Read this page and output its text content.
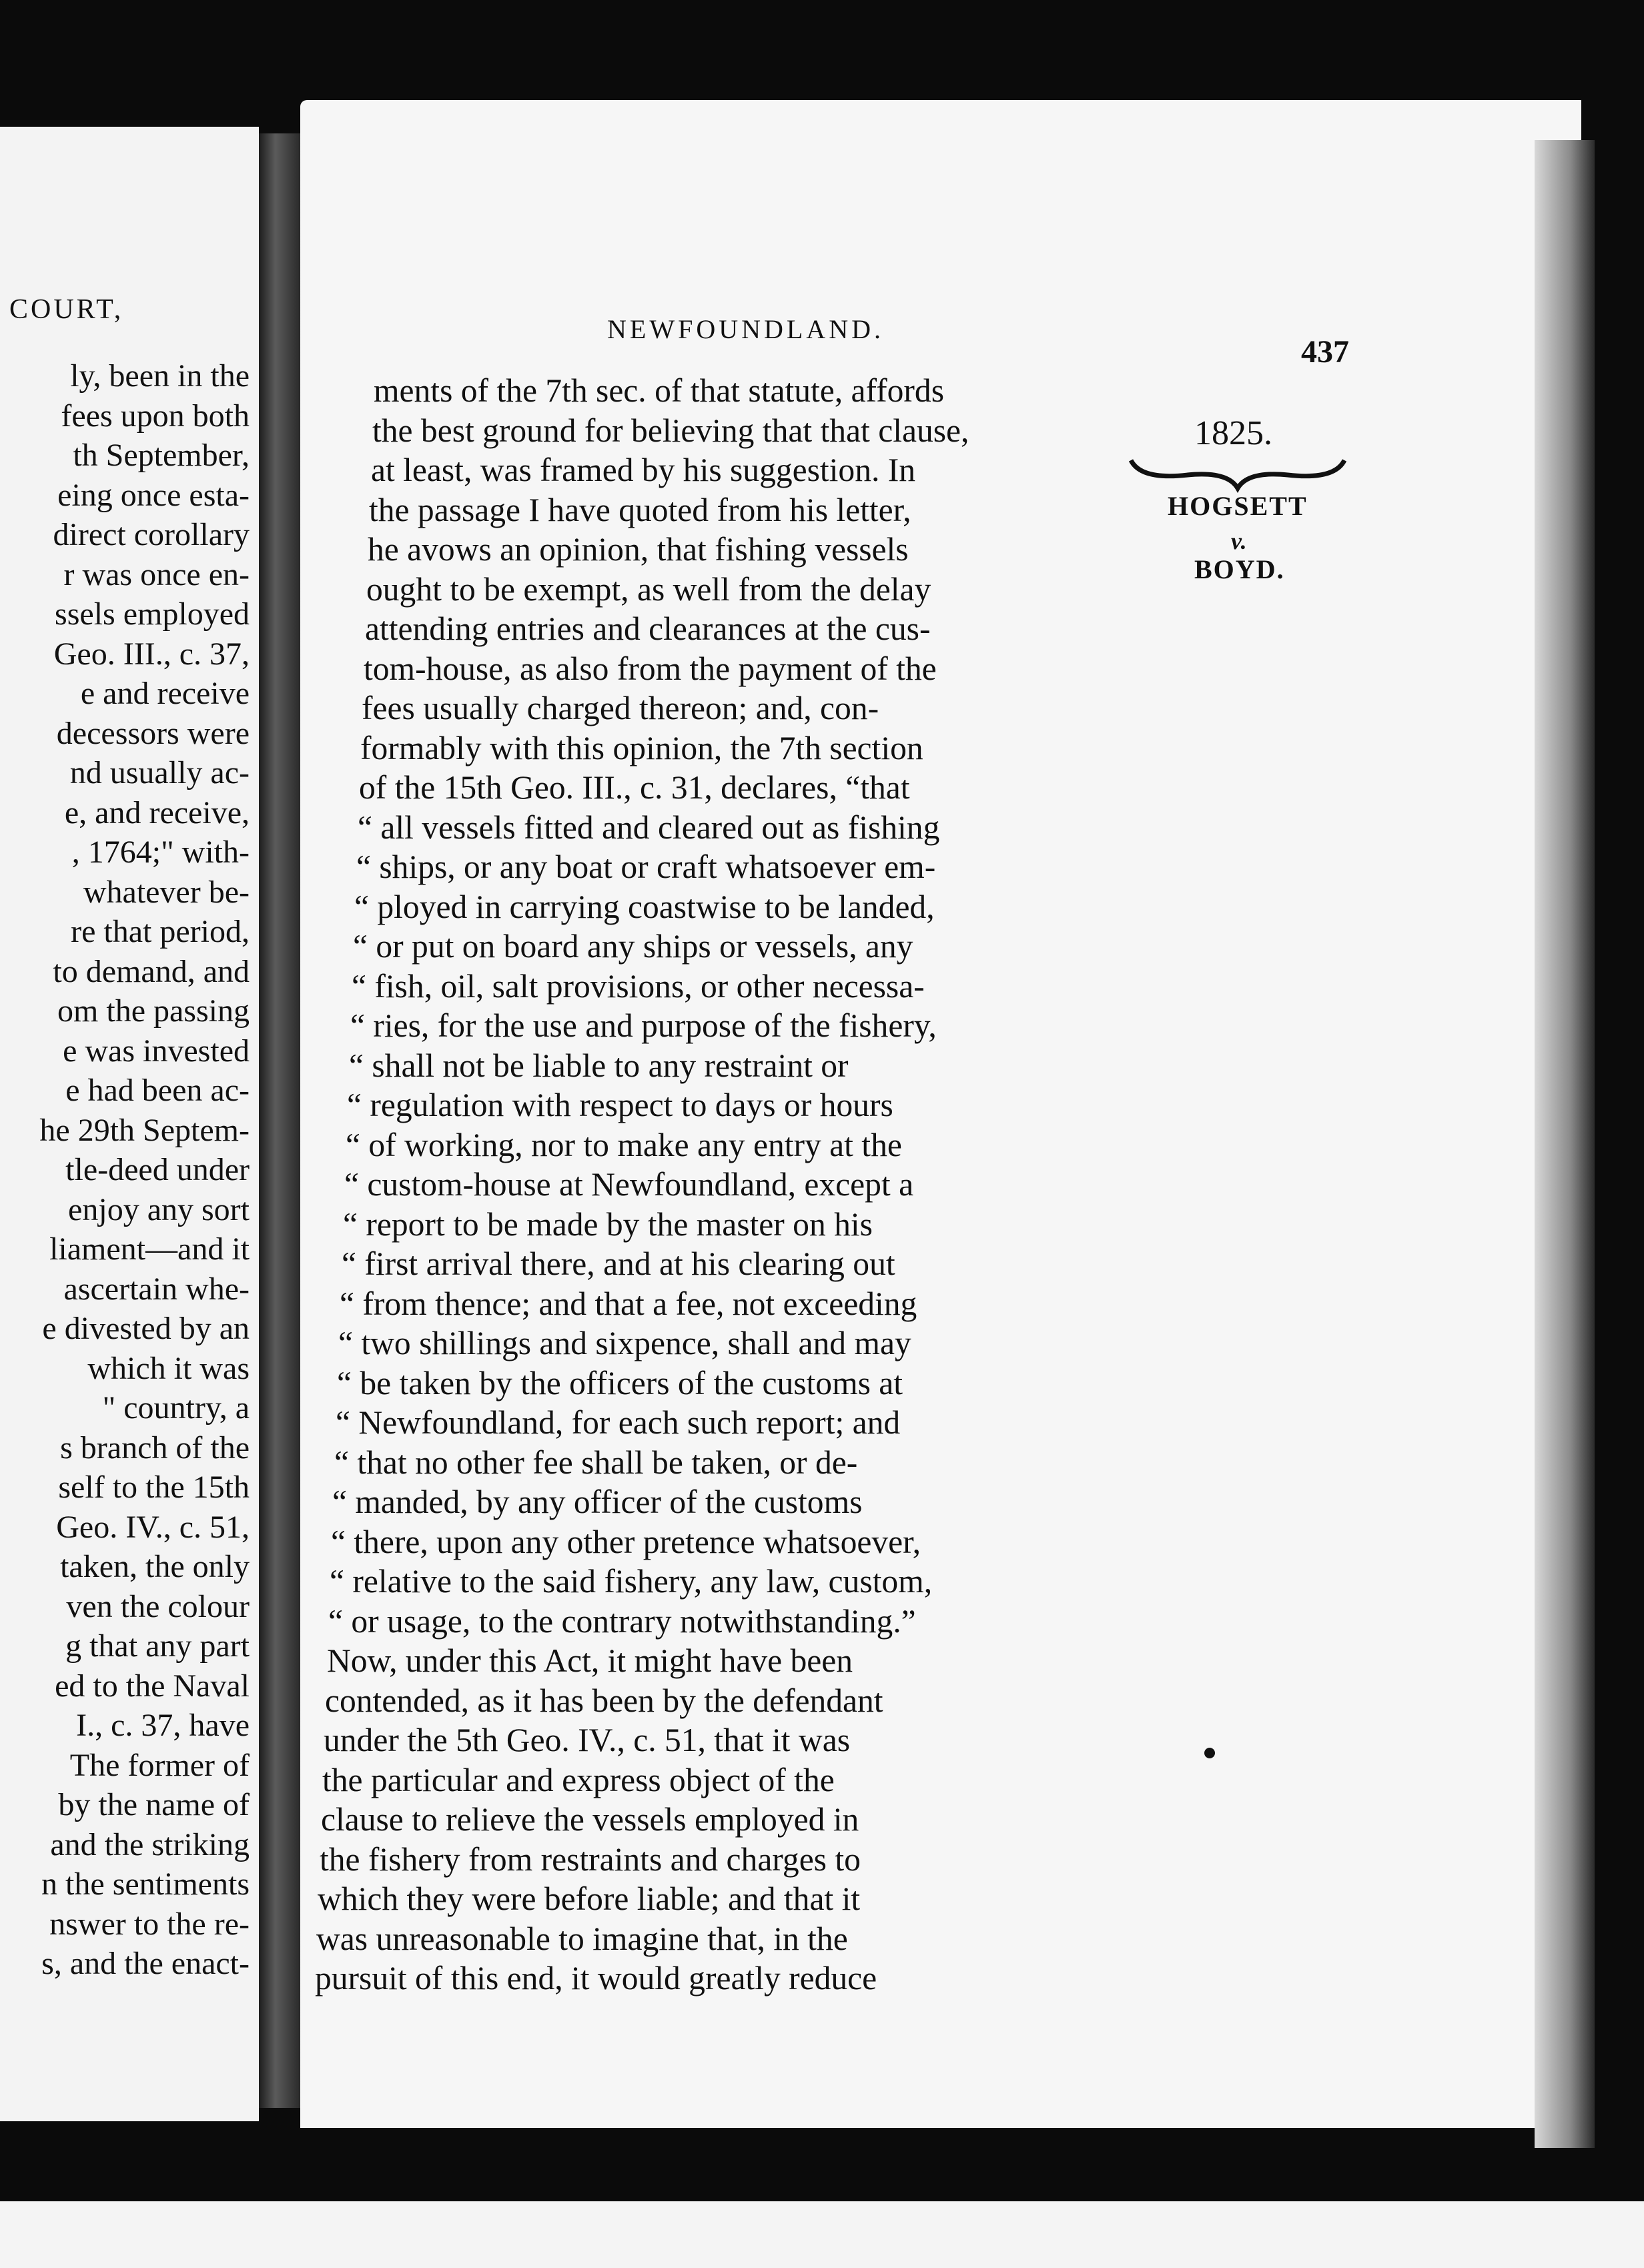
COURT,
ly, been in the
fees upon both
th September,
eing once esta-
direct corollary
r was once en-
ssels employed
Geo. III., c. 37,
e and receive
decessors were
nd usually ac-
e, and receive,
, 1764;" with-
whatever be-
re that period,
to demand, and
om the passing
e was invested
e had been ac-
he 29th Septem-
tle-deed under
enjoy any sort
liament—and it
ascertain whe-
e divested by an
which it was
" country, a
s branch of the
self to the 15th
Geo. IV., c. 51,
taken, the only
ven the colour
g that any part
ed to the Naval
I., c. 37, have
The former of
by the name of
and the striking
n the sentiments
nswer to the re-
s, and the enact-
NEWFOUNDLAND.
437
1825.
HOGSETT
v.
BOYD.
ments of the 7th sec. of that statute, affords
the best ground for believing that that clause,
at least, was framed by his suggestion. In
the passage I have quoted from his letter,
he avows an opinion, that fishing vessels
ought to be exempt, as well from the delay
attending entries and clearances at the cus-
tom-house, as also from the payment of the
fees usually charged thereon; and, con-
formably with this opinion, the 7th section
of the 15th Geo. III., c. 31, declares, “that
“ all vessels fitted and cleared out as fishing
“ ships, or any boat or craft whatsoever em-
“ ployed in carrying coastwise to be landed,
“ or put on board any ships or vessels, any
“ fish, oil, salt provisions, or other necessa-
“ ries, for the use and purpose of the fishery,
“ shall not be liable to any restraint or
“ regulation with respect to days or hours
“ of working, nor to make any entry at the
“ custom-house at Newfoundland, except a
“ report to be made by the master on his
“ first arrival there, and at his clearing out
“ from thence; and that a fee, not exceeding
“ two shillings and sixpence, shall and may
“ be taken by the officers of the customs at
“ Newfoundland, for each such report; and
“ that no other fee shall be taken, or de-
“ manded, by any officer of the customs
“ there, upon any other pretence whatsoever,
“ relative to the said fishery, any law, custom,
“ or usage, to the contrary notwithstanding.”
Now, under this Act, it might have been
contended, as it has been by the defendant
under the 5th Geo. IV., c. 51, that it was
the particular and express object of the
clause to relieve the vessels employed in
the fishery from restraints and charges to
which they were before liable; and that it
was unreasonable to imagine that, in the
pursuit of this end, it would greatly reduce
